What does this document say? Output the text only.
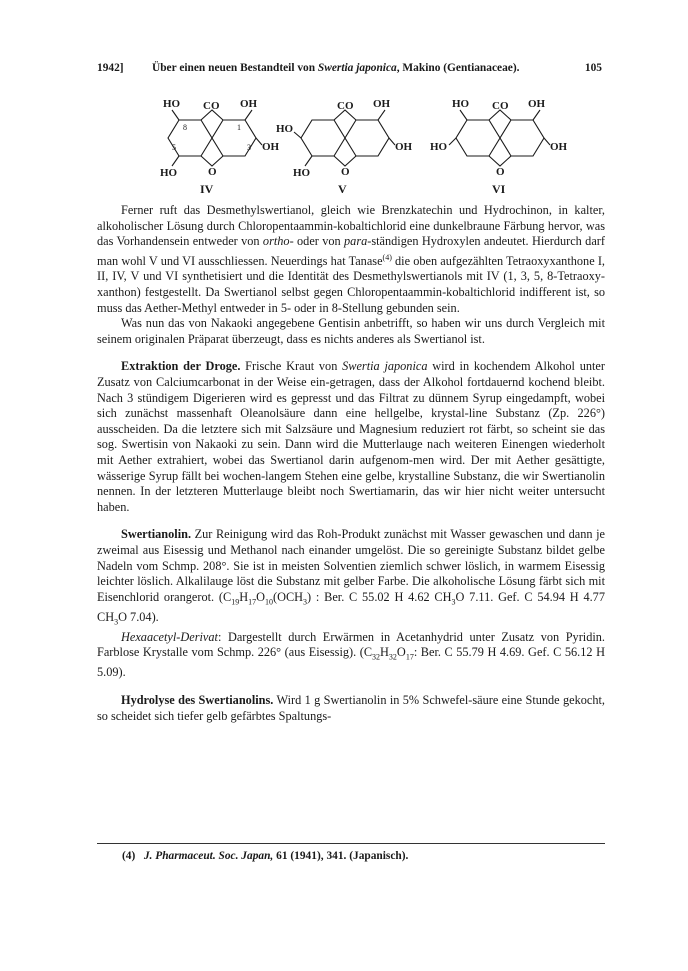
1942] Über einen neuen Bestandteil von Swertia japonica, Makino (Gentianaceae).	105
HO CO OH
OH
HO	O
8	1
3
5
IV
CO OH
HO
OH
HO	O
V
HO CO OH
HO	OH
O
VI

Ferner ruft das Desmethylswertianol, gleich wie Brenzkatechin und Hydrochinon, in kalter, alkoholischer Lösung durch Chloropentaammin-kobaltichlorid eine dunkelbraune Färbung hervor, was das Vorhandensein entweder von ortho- oder von para-ständigen Hydroxylen andeutet. Hierdurch darf man wohl V und VI ausschliessen. Neuerdings hat Tanase$^{(4)}$ die oben aufgezählten Tetraoxyxanthone I, II, IV, V und VI synthetisiert und die Identität des Desmethylswertianols mit IV (1, 3, 5, 8-Tetraoxy-xanthon) festgestellt. Da Swertianol selbst gegen Chloropentaammin-kobaltichlorid indifferent ist, so muss das Aether-Methyl entweder in 5- oder in 8-Stellung gebunden sein.

Was nun das von Nakaoki angegebene Gentisin anbetrifft, so haben wir uns durch Vergleich mit seinem originalen Präparat überzeugt, dass es nichts anderes als Swertianol ist.

Extraktion der Droge. Frische Kraut von Swertia japonica wird in kochendem Alkohol unter Zusatz von Calciumcarbonat in der Weise ein-getragen, dass der Alkohol fortdauernd kochend bleibt. Nach 3 stündigem Digerieren wird es gepresst und das Filtrat zu dünnem Syrup eingedampft, wobei sich zunächst massenhaft Oleanolsäure dann eine hellgelbe, krystal-line Substanz (Zp. 226°) ausscheiden. Da die letztere sich mit Salzsäure und Magnesium reduziert rot färbt, so scheint sie das sog. Swertisin von Nakaoki zu sein. Dann wird die Mutterlauge nach weiteren Einengen wiederholt mit Aether extrahiert, wobei das Swertianol darin aufgenom-men wird. Der mit Aether gesättigte, wässerige Syrup fällt bei wochen-langem Stehen eine gelbe, krystalline Substanz, die wir Swertianolin nennen. In der letzteren Mutterlauge bleibt noch Swertiamarin, das wir hier nicht weiter untersucht haben.

Swertianolin. Zur Reinigung wird das Roh-Produkt zunächst mit Wasser gewaschen und dann je zweimal aus Eisessig und Methanol nach einander umgelöst. Die so gereinigte Substanz bildet gelbe Nadeln vom Schmp. 208°. Sie ist in meisten Solventien ziemlich schwer löslich, in warmem Eisessig leichter löslich. Alkalilauge löst die Substanz mit gelber Farbe. Die alkoholische Lösung färbt sich mit Eisenchlorid orangerot. ($C_{19}H_{17}O_{10}(OCH_3)$ : Ber. C 55.02 H 4.62 $CH_3O$ 7.11. Gef. C 54.94 H 4.77 $CH_3O$ 7.04).

Hexaacetyl-Derivat: Dargestellt durch Erwärmen in Acetanhydrid unter Zusatz von Pyridin. Farblose Krystalle vom Schmp. 226° (aus Eisessig). ($C_{32}H_{32}O_{17}$: Ber. C 55.79 H 4.69. Gef. C 56.12 H 5.09).

Hydrolyse des Swertianolins. Wird 1 g Swertianolin in 5% Schwefel-säure eine Stunde gekocht, so scheidet sich tiefer gelb gefärbtes Spaltungs-

(4) J. Pharmaceut. Soc. Japan, 61 (1941), 341. (Japanisch).
